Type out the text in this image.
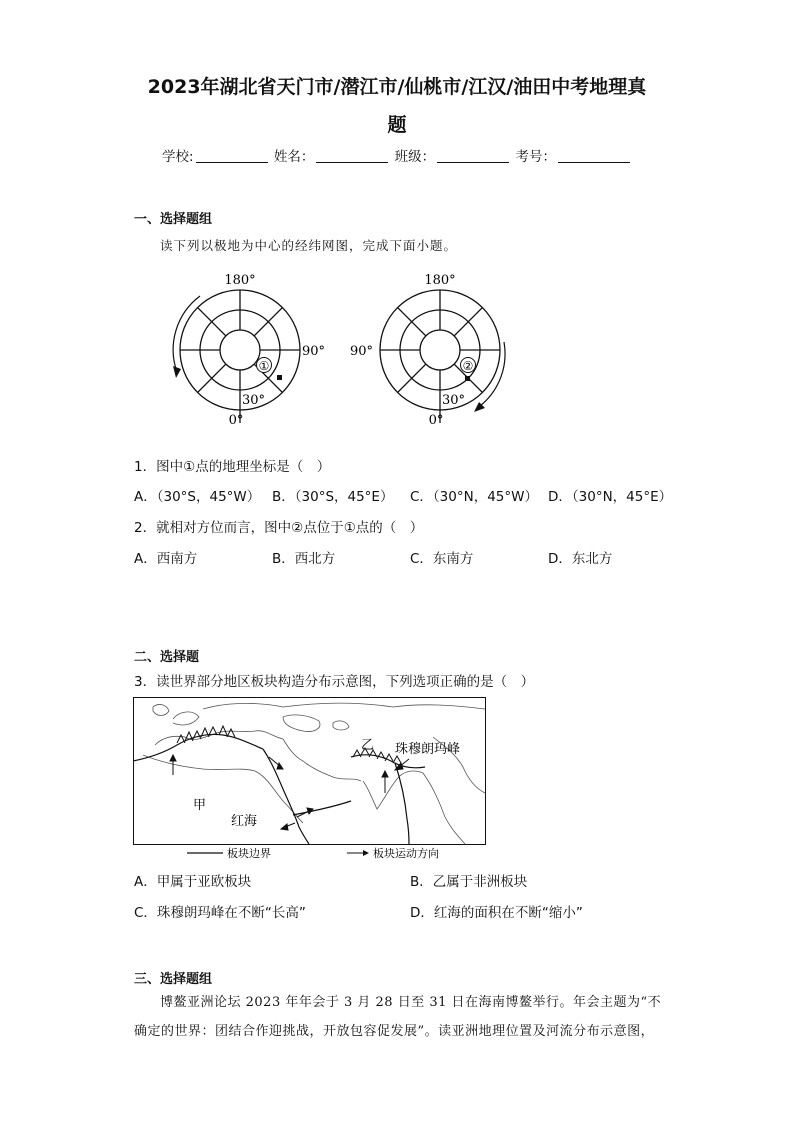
2023年湖北省天门市/潜江市/仙桃市/江汉/油田中考地理真
题
学校:	姓名：	班级：	考号：
一、选择题组
读下列以极地为中心的经纬网图，完成下面小题。
①
180°
90°
30°
0°
②
180°
90°
30°
0°
1．图中①点的地理坐标是（　）
A．（30°S，45°W） B．（30°S，45°E） C．（30°N，45°W） D．（30°N，45°E）
2．就相对方位而言，图中②点位于①点的（　）
A．西南方	B．西北方	C．东南方	D．东北方
二、选择题
3．读世界部分地区板块构造分布示意图，下列选项正确的是（　）
甲
乙 珠穆朗玛峰
红海
板块边界	板块运动方向
A．甲属于亚欧板块	B．乙属于非洲板块
C．珠穆朗玛峰在不断“长高”	D．红海的面积在不断“缩小”
三、选择题组
博鳌亚洲论坛 2023 年年会于 3 月 28 日至 31 日在海南博鳌举行。年会主题为“不确定的世界：团结合作迎挑战，开放包容促发展”。读亚洲地理位置及河流分布示意图，
